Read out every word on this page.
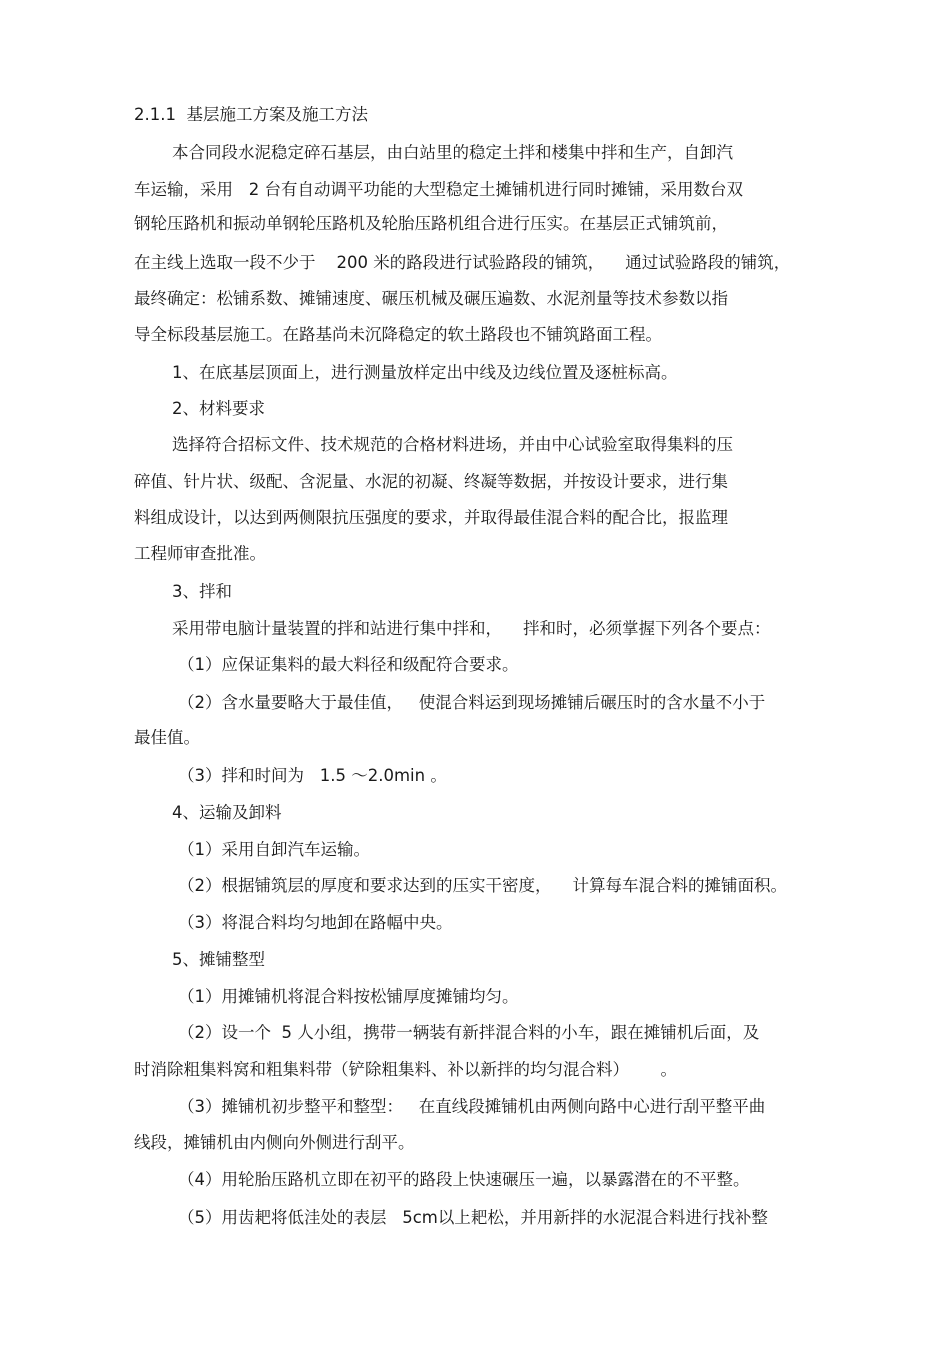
2.1.1  基层施工方案及施工方法
本合同段水泥稳定碎石基层，由白站里的稳定土拌和楼集中拌和生产，自卸汽
车运输，采用   2 台有自动调平功能的大型稳定土摊铺机进行同时摊铺，采用数台双
钢轮压路机和振动单钢轮压路机及轮胎压路机组合进行压实。在基层正式铺筑前，
在主线上选取一段不少于    200 米的路段进行试验路段的铺筑，    通过试验路段的铺筑，
最终确定：松铺系数、摊铺速度、碾压机械及碾压遍数、水泥剂量等技术参数以指
导全标段基层施工。在路基尚未沉降稳定的软土路段也不铺筑路面工程。
1、在底基层顶面上，进行测量放样定出中线及边线位置及逐桩标高。
2、材料要求
选择符合招标文件、技术规范的合格材料进场，并由中心试验室取得集料的压
碎值、针片状、级配、含泥量、水泥的初凝、终凝等数据，并按设计要求，进行集
料组成设计，以达到两侧限抗压强度的要求，并取得最佳混合料的配合比，报监理
工程师审查批准。
3、拌和
采用带电脑计量装置的拌和站进行集中拌和，    拌和时，必须掌握下列各个要点：
（1）应保证集料的最大料径和级配符合要求。
（2）含水量要略大于最佳值，   使混合料运到现场摊铺后碾压时的含水量不小于
最佳值。
（3）拌和时间为   1.5 ～2.0min 。
4、运输及卸料
（1）采用自卸汽车运输。
（2）根据铺筑层的厚度和要求达到的压实干密度，    计算每车混合料的摊铺面积。
（3）将混合料均匀地卸在路幅中央。
5、摊铺整型
（1）用摊铺机将混合料按松铺厚度摊铺均匀。
（2）设一个  5 人小组，携带一辆装有新拌混合料的小车，跟在摊铺机后面，及
时消除粗集料窝和粗集料带（铲除粗集料、补以新拌的均匀混合料）      。
（3）摊铺机初步整平和整型：   在直线段摊铺机由两侧向路中心进行刮平整平曲
线段，摊铺机由内侧向外侧进行刮平。
（4）用轮胎压路机立即在初平的路段上快速碾压一遍，以暴露潜在的不平整。
（5）用齿耙将低洼处的表层   5cm以上耙松，并用新拌的水泥混合料进行找补整
